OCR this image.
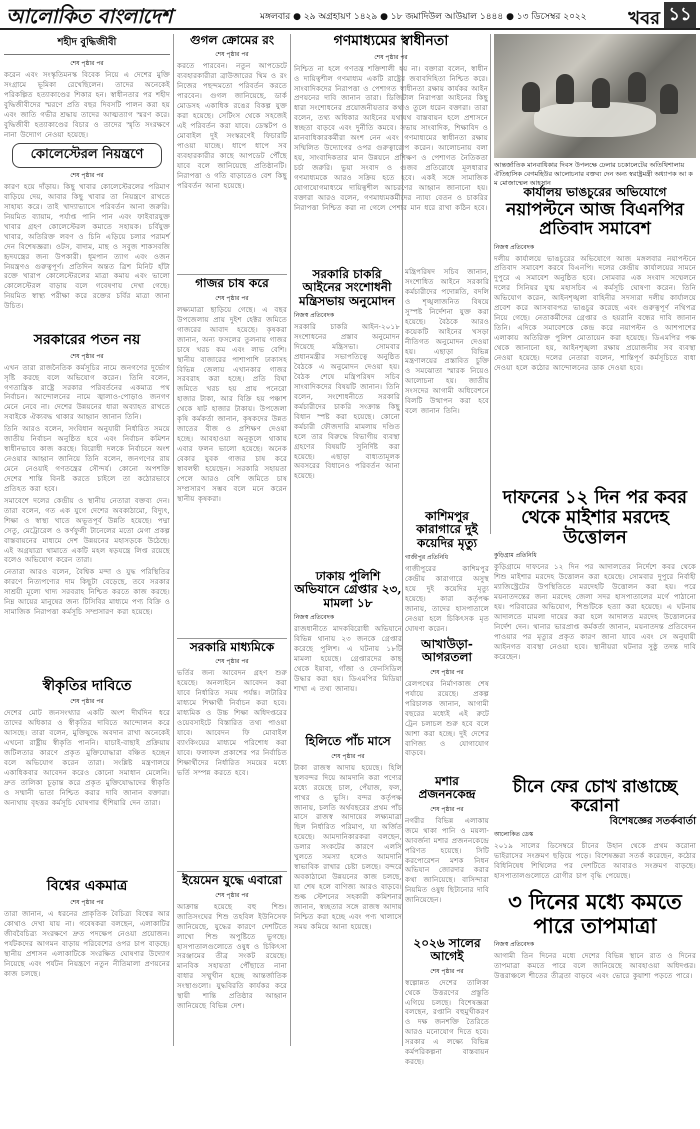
আলোকিত বাংলাদেশ	মঙ্গলবার ● ২৯ অগ্রহায়ণ ১৪২৯ ● ১৮ জমাদিউল আউয়াল ১৪৪৪ ● ১৩ ডিসেম্বর ২০২২ খবর ১১
শহীদ বুদ্ধিজীবী
শেষ পৃষ্ঠার পর

করেন এবং সংস্কৃতিমনস্ক বিবেক নিয়ে এ দেশের মুক্তি সংগ্রামে ভূমিকা রেখেছিলেন। তাদের অনেকেই পরিকল্পিত হত্যাকাণ্ডের শিকার হন। স্বাধীনতার পর শহীদ বুদ্ধিজীবীদের স্মরণে প্রতি বছর দিবসটি পালন করা হয় এবং জাতি গভীর শ্রদ্ধায় তাদের আত্মত্যাগ স্মরণ করে। বুদ্ধিজীবী হত্যাকাণ্ডের বিচার ও তাদের স্মৃতি সংরক্ষণে নানা উদ্যোগ নেওয়া হয়েছে।

কোলেস্টেরল নিয়ন্ত্রণে
শেষ পৃষ্ঠার পর

কারণ হয়ে দাঁড়ায়। কিছু খাবার কোলেস্টেরলের পরিমাণ বাড়িয়ে দেয়, আবার কিছু খাবার তা নিয়ন্ত্রণে রাখতে সাহায্য করে। তাই খাদ্যাভ্যাসে পরিবর্তন আনা জরুরি। নিয়মিত ব্যায়াম, পর্যাপ্ত পানি পান এবং ফাইবারযুক্ত খাবার গ্রহণ কোলেস্টেরল কমাতে সহায়ক। চর্বিযুক্ত খাবার, অতিরিক্ত লবণ ও চিনি এড়িয়ে চলার পরামর্শ দেন বিশেষজ্ঞরা। ওটস, বাদাম, মাছ ও সবুজ শাকসবজি হৃদযন্ত্রের জন্য উপকারী। ধূমপান ত্যাগ এবং ওজন নিয়ন্ত্রণও গুরুত্বপূর্ণ। প্রতিদিন অন্তত ত্রিশ মিনিট হাঁটা রক্তে খারাপ কোলেস্টেরলের মাত্রা কমায় এবং ভালো কোলেস্টেরল বাড়ায় বলে গবেষণায় দেখা গেছে। নিয়মিত স্বাস্থ্য পরীক্ষা করে রক্তের চর্বির মাত্রা জানা উচিত।

সরকারের পতন নয়
শেষ পৃষ্ঠার পর

এখন তারা রাজনৈতিক কর্মসূচির নামে জনগণের দুর্ভোগ সৃষ্টি করছে বলে অভিযোগ করেন। তিনি বলেন, গণতান্ত্রিক রাষ্ট্রে সরকার পরিবর্তনের একমাত্র পথ নির্বাচন। আন্দোলনের নামে জ্বালাও-পোড়াও জনগণ মেনে নেবে না। দেশের উন্নয়নের ধারা অব্যাহত রাখতে সবাইকে ঐক্যবদ্ধ থাকার আহ্বান জানান তিনি।

তিনি আরও বলেন, সংবিধান অনুযায়ী নির্ধারিত সময়ে জাতীয় নির্বাচন অনুষ্ঠিত হবে এবং নির্বাচন কমিশন স্বাধীনভাবে কাজ করছে। বিরোধী দলকে নির্বাচনে অংশ নেওয়ার আহ্বান জানিয়ে তিনি বলেন, জনগণের রায় মেনে নেওয়াই গণতন্ত্রের সৌন্দর্য। কোনো অপশক্তি দেশের শান্তি বিনষ্ট করতে চাইলে তা কঠোরভাবে প্রতিহত করা হবে।

সমাবেশে দলের কেন্দ্রীয় ও স্থানীয় নেতারা বক্তব্য দেন। তারা বলেন, গত এক যুগে দেশের অবকাঠামো, বিদ্যুৎ, শিক্ষা ও স্বাস্থ্য খাতে অভূতপূর্ব উন্নতি হয়েছে। পদ্মা সেতু, মেট্রোরেল ও কর্ণফুলী টানেলের মতো মেগা প্রকল্প বাস্তবায়নের মাধ্যমে দেশ উন্নয়নের মহাসড়কে উঠেছে। এই অগ্রযাত্রা থামাতে একটি মহল ষড়যন্ত্রে লিপ্ত রয়েছে বলেও অভিযোগ করেন তারা।

নেতারা আরও বলেন, বৈশ্বিক মন্দা ও যুদ্ধ পরিস্থিতির কারণে নিত্যপণ্যের দাম কিছুটা বেড়েছে, তবে সরকার সাশ্রয়ী মূল্যে খাদ্য সরবরাহ নিশ্চিত করতে কাজ করছে। নিম্ন আয়ের মানুষের জন্য টিসিবির মাধ্যমে পণ্য বিক্রি ও সামাজিক নিরাপত্তা কর্মসূচি সম্প্রসারণ করা হয়েছে।

স্বীকৃতির দাবিতে
শেষ পৃষ্ঠার পর

দেশের মোট জনসংখ্যার একটি অংশ দীর্ঘদিন ধরে তাদের অধিকার ও স্বীকৃতির দাবিতে আন্দোলন করে আসছে। তারা বলেন, মুক্তিযুদ্ধে অবদান রাখা অনেকেই এখনো রাষ্ট্রীয় স্বীকৃতি পাননি। যাচাই-বাছাই প্রক্রিয়ায় জটিলতার কারণে প্রকৃত মুক্তিযোদ্ধারা বঞ্চিত হচ্ছেন বলে অভিযোগ করেন তারা। সংশ্লিষ্ট মন্ত্রণালয়ে একাধিকবার আবেদন করেও কোনো সমাধান মেলেনি। দ্রুত তালিকা চূড়ান্ত করে প্রকৃত মুক্তিযোদ্ধাদের স্বীকৃতি ও সম্মানী ভাতা নিশ্চিত করার দাবি জানান বক্তারা। অন্যথায় বৃহত্তর কর্মসূচি ঘোষণার হুঁশিয়ারি দেন তারা।

বিশ্বের একমাত্র
শেষ পৃষ্ঠার পর

তারা জানান, এ ধরনের প্রাকৃতিক বৈচিত্র্য বিশ্বের আর কোথাও দেখা যায় না। গবেষকরা বলছেন, এলাকাটির জীববৈচিত্র্য সংরক্ষণে দ্রুত পদক্ষেপ নেওয়া প্রয়োজন। পর্যটকদের আগমন বাড়ায় পরিবেশের ওপর চাপ বাড়ছে। স্থানীয় প্রশাসন এলাকাটিকে সংরক্ষিত ঘোষণার উদ্যোগ নিয়েছে এবং পর্যটন নিয়ন্ত্রণে নতুন নীতিমালা প্রণয়নের কাজ চলছে।

গুগল ক্রোমের রং
শেষ পৃষ্ঠার পর

করতে পারবেন। নতুন আপডেটে ব্যবহারকারীরা ব্রাউজারের থিম ও রং নিজের পছন্দমতো পরিবর্তন করতে পারবেন। গুগল জানিয়েছে, ডার্ক মোডসহ একাধিক রঙের বিকল্প যুক্ত করা হয়েছে। সেটিংস থেকে সহজেই এই পরিবর্তন করা যাবে। ডেস্কটপ ও মোবাইল দুই সংস্করণেই ফিচারটি পাওয়া যাচ্ছে। ধাপে ধাপে সব ব্যবহারকারীর কাছে আপডেট পৌঁছে যাবে বলে জানিয়েছে প্রতিষ্ঠানটি। নিরাপত্তা ও গতি বাড়াতেও বেশ কিছু পরিবর্তন আনা হয়েছে।

গাজর চাষ করে
শেষ পৃষ্ঠার পর

লক্ষ্যমাত্রা ছাড়িয়ে গেছে। এ বছর উপজেলায় প্রায় দুইশ হেক্টর জমিতে গাজরের আবাদ হয়েছে। কৃষকরা জানান, অন্য ফসলের তুলনায় গাজর চাষে খরচ কম এবং লাভ বেশি। স্থানীয় বাজারের পাশাপাশি ঢাকাসহ বিভিন্ন জেলায় এখানকার গাজর সরবরাহ করা হচ্ছে। প্রতি বিঘা জমিতে খরচ হয় প্রায় পনেরো হাজার টাকা, আর বিক্রি হয় পঞ্চাশ থেকে ষাট হাজার টাকায়। উপজেলা কৃষি কর্মকর্তা জানান, কৃষকদের উন্নত জাতের বীজ ও প্রশিক্ষণ দেওয়া হচ্ছে। আবহাওয়া অনুকূলে থাকায় এবার ফলন ভালো হয়েছে। অনেক বেকার যুবক গাজর চাষ করে স্বাবলম্বী হয়েছেন। সরকারি সহায়তা পেলে আরও বেশি জমিতে চাষ সম্প্রসারণ সম্ভব বলে মনে করেন স্থানীয় কৃষকরা।

সরকারি মাধ্যমিকে
শেষ পৃষ্ঠার পর

ভর্তির জন্য আবেদন গ্রহণ শুরু হয়েছে। অনলাইনে আবেদন করা যাবে নির্ধারিত সময় পর্যন্ত। লটারির মাধ্যমে শিক্ষার্থী নির্বাচন করা হবে। মাধ্যমিক ও উচ্চ শিক্ষা অধিদপ্তরের ওয়েবসাইটে বিস্তারিত তথ্য পাওয়া যাবে। আবেদন ফি মোবাইল ব্যাংকিংয়ের মাধ্যমে পরিশোধ করা যাবে। ফলাফল প্রকাশের পর নির্বাচিত শিক্ষার্থীদের নির্ধারিত সময়ের মধ্যে ভর্তি সম্পন্ন করতে হবে।

ইয়েমেন যুদ্ধে এবারো
শেষ পৃষ্ঠার পর

আক্রান্ত হয়েছে বহু শিশু। জাতিসংঘের শিশু তহবিল ইউনিসেফ জানিয়েছে, যুদ্ধের কারণে দেশটিতে লাখো শিশু অপুষ্টিতে ভুগছে। হাসপাতালগুলোতে ওষুধ ও চিকিৎসা সরঞ্জামের তীব্র সংকট রয়েছে। মানবিক সহায়তা পৌঁছাতে নানা বাধার সম্মুখীন হচ্ছে আন্তর্জাতিক সংস্থাগুলো। যুদ্ধবিরতি কার্যকর করে স্থায়ী শান্তি প্রতিষ্ঠার আহ্বান জানিয়েছে বিভিন্ন দেশ।

গণমাধ্যমের স্বাধীনতা
শেষ পৃষ্ঠার পর

নিশ্চিত না হলে গণতন্ত্র শক্তিশালী হয় না। বক্তারা বলেন, স্বাধীন ও দায়িত্বশীল গণমাধ্যম একটি রাষ্ট্রের জবাবদিহিতা নিশ্চিত করে। সাংবাদিকদের নিরাপত্তা ও পেশাগত স্বাধীনতা রক্ষায় কার্যকর আইন প্রণয়নের দাবি জানান তারা। ডিজিটাল নিরাপত্তা আইনের কিছু ধারা সংশোধনের প্রয়োজনীয়তার কথাও তুলে ধরেন বক্তারা। তারা বলেন, তথ্য অধিকার আইনের যথাযথ বাস্তবায়ন হলে প্রশাসনে স্বচ্ছতা বাড়বে এবং দুর্নীতি কমবে। সভায় সাংবাদিক, শিক্ষাবিদ ও মানবাধিকারকর্মীরা অংশ নেন এবং গণমাধ্যমের স্বাধীনতা রক্ষায় সম্মিলিত উদ্যোগের ওপর গুরুত্বারোপ করেন। আলোচনায় বলা হয়, সাংবাদিকতার মান উন্নয়নে প্রশিক্ষণ ও পেশাগত নৈতিকতা চর্চা জরুরি। ভুয়া সংবাদ ও গুজব প্রতিরোধে মূলধারার গণমাধ্যমকে আরও সক্রিয় হতে হবে। একই সঙ্গে সামাজিক যোগাযোগমাধ্যমে দায়িত্বশীল আচরণের আহ্বান জানানো হয়। বক্তারা আরও বলেন, গণমাধ্যমকর্মীদের ন্যায্য বেতন ও চাকরির নিরাপত্তা নিশ্চিত করা না গেলে পেশার মান ধরে রাখা কঠিন হবে।

সরকারি চাকরি আইনের সংশোধনী মন্ত্রিসভায় অনুমোদন
নিজস্ব প্রতিবেদক

সরকারি চাকরি আইন-২০১৮ সংশোধনের প্রস্তাব অনুমোদন দিয়েছে মন্ত্রিসভা। সোমবার প্রধানমন্ত্রীর সভাপতিত্বে অনুষ্ঠিত বৈঠকে এ অনুমোদন দেওয়া হয়। বৈঠক শেষে মন্ত্রিপরিষদ সচিব সাংবাদিকদের বিষয়টি জানান। তিনি বলেন, সংশোধনীতে সরকারি কর্মচারীদের চাকরি সংক্রান্ত কিছু বিধান স্পষ্ট করা হয়েছে। কোনো কর্মচারী ফৌজদারি মামলায় দণ্ডিত হলে তার বিরুদ্ধে বিভাগীয় ব্যবস্থা গ্রহণের বিষয়টি সুনির্দিষ্ট করা হয়েছে। এছাড়া বাধ্যতামূলক অবসরের বিধানেও পরিবর্তন আনা হয়েছে।

কাশিমপুর কারাগারে দুই কয়েদির মৃত্যু
গাজীপুর প্রতিনিধি

গাজীপুরের কাশিমপুর কেন্দ্রীয় কারাগারে অসুস্থ হয়ে দুই কয়েদির মৃত্যু হয়েছে। কারা কর্তৃপক্ষ জানায়, তাদের হাসপাতালে নেওয়া হলে চিকিৎসক মৃত ঘোষণা করেন।

ঢাকায় পুলিশি অভিযানে গ্রেপ্তার ২৩, মামলা ১৮
নিজস্ব প্রতিবেদক

রাজধানীতে মাদকবিরোধী অভিযানে বিভিন্ন থানায় ২৩ জনকে গ্রেপ্তার করেছে পুলিশ। এ ঘটনায় ১৮টি মামলা হয়েছে। গ্রেপ্তারদের কাছ থেকে ইয়াবা, গাঁজা ও ফেনসিডিল উদ্ধার করা হয়। ডিএমপির মিডিয়া শাখা এ তথ্য জানায়।

হিলিতে পাঁচ মাসে
শেষ পৃষ্ঠার পর

টাকা রাজস্ব আদায় হয়েছে। হিলি স্থলবন্দর দিয়ে আমদানি করা পণ্যের মধ্যে রয়েছে চাল, পেঁয়াজ, ফল, পাথর ও ভুসি। বন্দর কর্তৃপক্ষ জানায়, চলতি অর্থবছরের প্রথম পাঁচ মাসে রাজস্ব আদায়ের লক্ষ্যমাত্রা ছিল নির্ধারিত পরিমাণ, যা অর্জিত হয়েছে। আমদানিকারকরা বলছেন, ডলার সংকটের কারণে এলসি খুলতে সমস্যা হলেও আমদানি স্বাভাবিক রাখার চেষ্টা চলছে। বন্দরে অবকাঠামো উন্নয়নের কাজ চলছে, যা শেষ হলে বাণিজ্য আরও বাড়বে। শুল্ক স্টেশনের সহকারী কমিশনার জানান, স্বচ্ছতার সঙ্গে রাজস্ব আদায় নিশ্চিত করা হচ্ছে এবং পণ্য খালাসে সময় কমিয়ে আনা হয়েছে।

আন্তর্জাতিক মানবাধিকার দিবস উপলক্ষে ঢেলার চকোলেটের অতিথিশালায় ঐতিহাসিক বেগমহিউর আলোচনার বক্তব্য দেন অন্য স্বরাষ্ট্রমন্ত্রী অধ্যাপক আ ক ম মোজাম্মেল আহসান
কার্যালয় ভাঙচুরের অভিযোগে
নয়াপল্টনে আজ বিএনপির প্রতিবাদ সমাবেশ
নিজস্ব প্রতিবেদক

দলীয় কার্যালয়ে ভাঙচুরের অভিযোগে আজ মঙ্গলবার নয়াপল্টনে প্রতিবাদ সমাবেশ করবে বিএনপি। দলের কেন্দ্রীয় কার্যালয়ের সামনে দুপুরে এ সমাবেশ অনুষ্ঠিত হবে। সোমবার এক সংবাদ সম্মেলনে দলের সিনিয়র যুগ্ম মহাসচিব এ কর্মসূচি ঘোষণা করেন। তিনি অভিযোগ করেন, আইনশৃঙ্খলা বাহিনীর সদস্যরা দলীয় কার্যালয়ে প্রবেশ করে আসবাবপত্র ভাঙচুর করেছে এবং গুরুত্বপূর্ণ নথিপত্র নিয়ে গেছে। নেতাকর্মীদের গ্রেপ্তার ও হয়রানি বন্ধের দাবি জানান তিনি। এদিকে সমাবেশকে কেন্দ্র করে নয়াপল্টন ও আশপাশের এলাকায় অতিরিক্ত পুলিশ মোতায়েন করা হয়েছে। ডিএমপির পক্ষ থেকে জানানো হয়, আইনশৃঙ্খলা রক্ষায় প্রয়োজনীয় সব ব্যবস্থা নেওয়া হয়েছে। দলের নেতারা বলেন, শান্তিপূর্ণ কর্মসূচিতে বাধা দেওয়া হলে কঠোর আন্দোলনের ডাক দেওয়া হবে।

দাফনের ১২ দিন পর কবর থেকে মাইশার মরদেহ উত্তোলন
কুড়িগ্রাম প্রতিনিধি

কুড়িগ্রামে দাফনের ১২ দিন পর আদালতের নির্দেশে কবর থেকে শিশু মাইশার মরদেহ উত্তোলন করা হয়েছে। সোমবার দুপুরে নির্বাহী ম্যাজিস্ট্রেটের উপস্থিতিতে মরদেহটি উত্তোলন করা হয়। পরে ময়নাতদন্তের জন্য মরদেহ জেলা সদর হাসপাতালের মর্গে পাঠানো হয়। পরিবারের অভিযোগ, শিশুটিকে হত্যা করা হয়েছে। এ ঘটনায় আদালতে মামলা দায়ের করা হলে আদালত মরদেহ উত্তোলনের নির্দেশ দেন। থানার ভারপ্রাপ্ত কর্মকর্তা জানান, ময়নাতদন্ত প্রতিবেদন পাওয়ার পর মৃত্যুর প্রকৃত কারণ জানা যাবে এবং সে অনুযায়ী আইনগত ব্যবস্থা নেওয়া হবে। স্থানীয়রা ঘটনার সুষ্ঠু তদন্ত দাবি করেছেন।

চীনে ফের চোখ রাঙাচ্ছে করোনা
বিশেষজ্ঞের সতর্কবার্তা
আলোকিত ডেস্ক

২০১৯ সালের ডিসেম্বরে চীনের উহান থেকে প্রথম করোনা ভাইরাসের সংক্রমণ ছড়িয়ে পড়ে। বিশেষজ্ঞরা সতর্ক করেছেন, কঠোর বিধিনিষেধ শিথিলের পর দেশটিতে আবারও সংক্রমণ বাড়ছে। হাসপাতালগুলোতে রোগীর চাপ বৃদ্ধি পেয়েছে।

৩ দিনের মধ্যে কমতে পারে তাপমাত্রা
নিজস্ব প্রতিবেদক

আগামী তিন দিনের মধ্যে দেশের বিভিন্ন স্থানে রাত ও দিনের তাপমাত্রা কমতে পারে বলে জানিয়েছে আবহাওয়া অধিদপ্তর। উত্তরাঞ্চলে শীতের তীব্রতা বাড়বে এবং ভোরে কুয়াশা পড়তে পারে।

মন্ত্রিপরিষদ সচিব জানান, সংশোধিত আইনে সরকারি কর্মচারীদের পদোন্নতি, বদলি ও শৃঙ্খলাজনিত বিষয়ে সুস্পষ্ট নির্দেশনা যুক্ত করা হয়েছে। বৈঠকে আরও কয়েকটি আইনের খসড়া নীতিগত অনুমোদন দেওয়া হয়। এছাড়া বিভিন্ন মন্ত্রণালয়ের প্রস্তাবিত চুক্তি ও সমঝোতা স্মারক নিয়েও আলোচনা হয়। জাতীয় সংসদের আগামী অধিবেশনে বিলটি উত্থাপন করা হবে বলে জানান তিনি।

আখাউড়া-আগরতলা
শেষ পৃষ্ঠার পর

রেলপথের নির্মাণকাজ শেষ পর্যায়ে রয়েছে। প্রকল্প পরিচালক জানান, আগামী বছরের মধ্যেই এই রুটে ট্রেন চলাচল শুরু হবে বলে আশা করা হচ্ছে। দুই দেশের বাণিজ্য ও যোগাযোগ বাড়বে।

মশার প্রজননকেন্দ্র
শেষ পৃষ্ঠার পর

নগরীর বিভিন্ন এলাকায় জমে থাকা পানি ও ময়লা-আবর্জনা মশার প্রজননকেন্দ্রে পরিণত হয়েছে। সিটি করপোরেশন মশক নিধন অভিযান জোরদার করার কথা জানিয়েছে। বাসিন্দারা নিয়মিত ওষুধ ছিটানোর দাবি জানিয়েছেন।

২০২৬ সালের আগেই
শেষ পৃষ্ঠার পর

স্বল্পোন্নত দেশের তালিকা থেকে উত্তরণের প্রস্তুতি এগিয়ে চলছে। বিশেষজ্ঞরা বলছেন, রপ্তানি বহুমুখীকরণ ও দক্ষ জনশক্তি তৈরিতে আরও মনোযোগ দিতে হবে। সরকার এ লক্ষ্যে বিভিন্ন কর্মপরিকল্পনা বাস্তবায়ন করছে।
